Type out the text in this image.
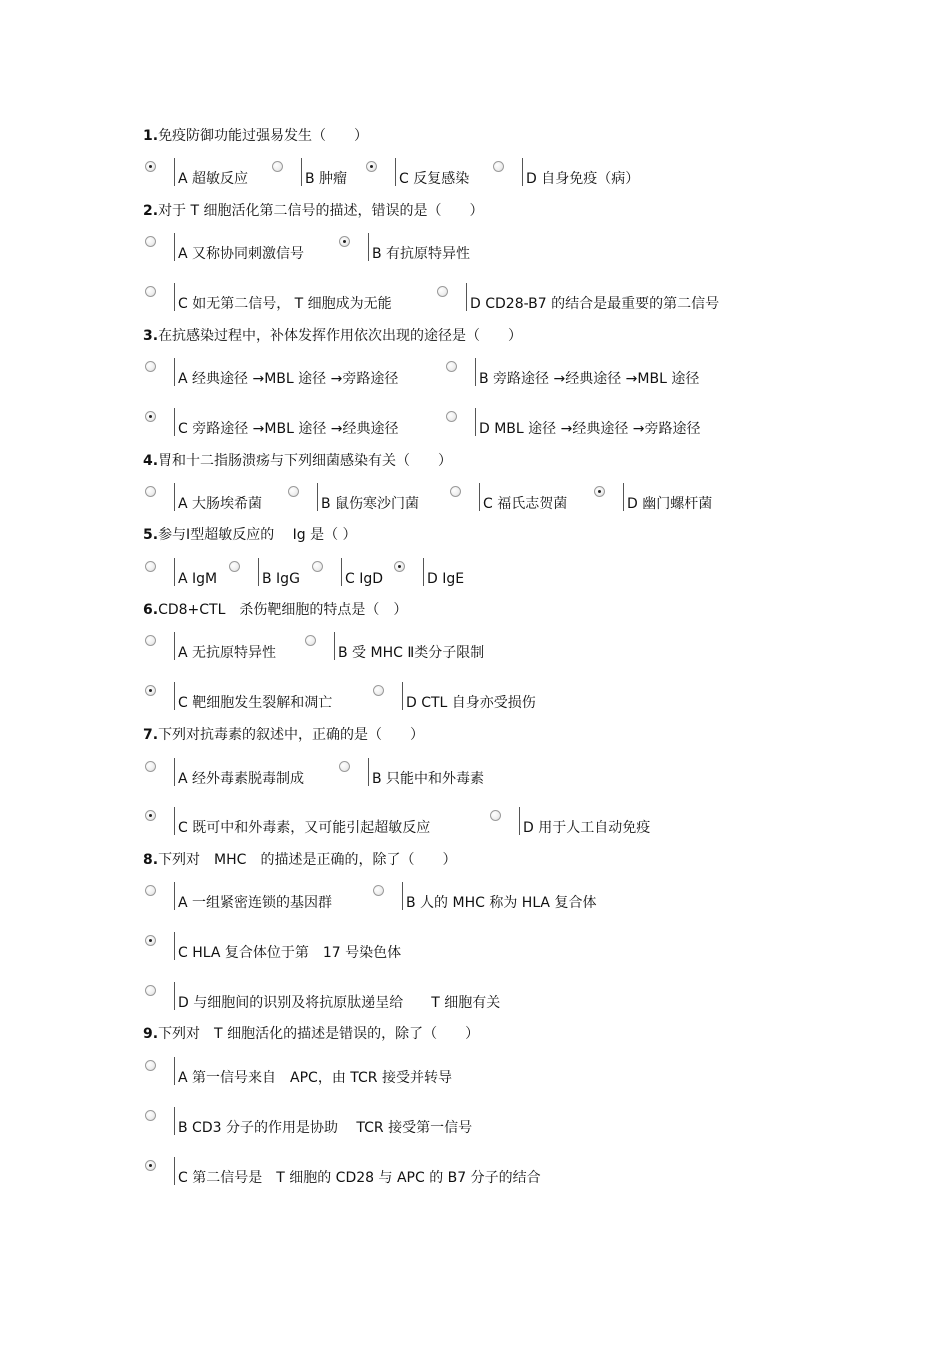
1.免疫防御功能过强易发生（　　）
A 超敏反应	B 肿瘤	C 反复感染	D 自身免疫（病）
2.对于 T 细胞活化第二信号的描述，错误的是（　　）
A 又称协同刺激信号	B 有抗原特异性
C 如无第二信号， T 细胞成为无能	D CD28-B7 的结合是最重要的第二信号
3.在抗感染过程中，补体发挥作用依次出现的途径是（　　）
A 经典途径 →MBL 途径 →旁路途径	B 旁路途径 →经典途径 →MBL 途径
C 旁路途径 →MBL 途径 →经典途径	D MBL 途径 →经典途径 →旁路途径
4.胃和十二指肠溃疡与下列细菌感染有关（　　）
A 大肠埃希菌	B 鼠伤寒沙门菌	C 福氏志贺菌	D 幽门螺杆菌
5.参与Ⅰ型超敏反应的　 Ig 是（ ）
A IgM	B IgG	C IgD	D IgE
6.CD8+CTL　杀伤靶细胞的特点是（　）
A 无抗原特异性	B 受 MHC Ⅱ类分子限制
C 靶细胞发生裂解和凋亡	D CTL 自身亦受损伤
7.下列对抗毒素的叙述中，正确的是（　　）
A 经外毒素脱毒制成	B 只能中和外毒素
C 既可中和外毒素，又可能引起超敏反应	D 用于人工自动免疫
8.下列对　MHC　的描述是正确的，除了（　　）
A 一组紧密连锁的基因群	B 人的 MHC 称为 HLA 复合体
C HLA 复合体位于第　17 号染色体
D 与细胞间的识别及将抗原肽递呈给　　T 细胞有关
9.下列对　T 细胞活化的描述是错误的，除了（　　）
A 第一信号来自　APC，由 TCR 接受并转导
B CD3 分子的作用是协助　 TCR 接受第一信号
C 第二信号是　T 细胞的 CD28 与 APC 的 B7 分子的结合
